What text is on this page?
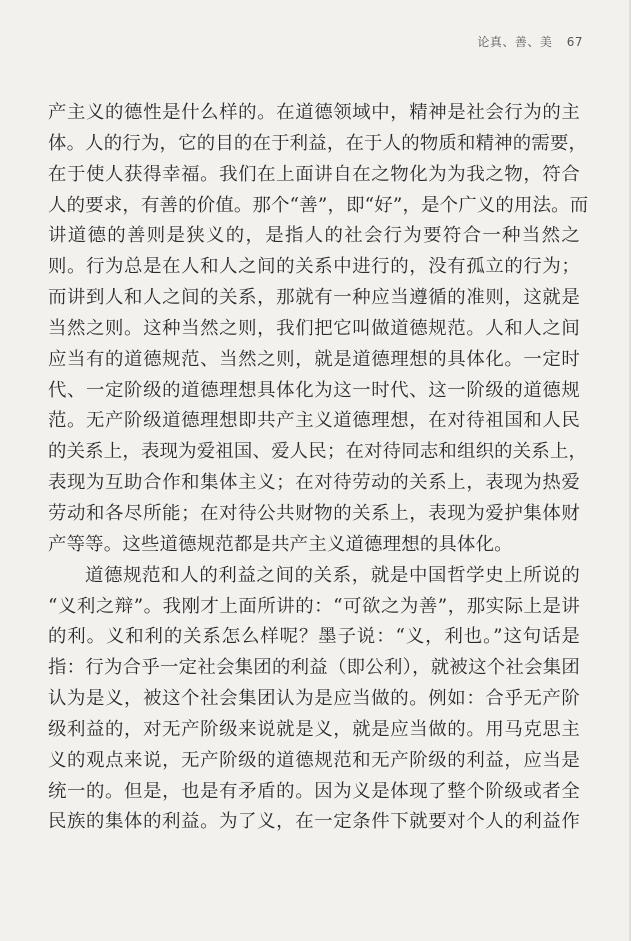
论真、善、美 67
产主义的德性是什么样的。在道德领域中，精神是社会行为的主
体。人的行为，它的目的在于利益，在于人的物质和精神的需要，
在于使人获得幸福。我们在上面讲自在之物化为为我之物，符合
人的要求，有善的价值。那个“善”，即“好”，是个广义的用法。而
讲道德的善则是狭义的，是指人的社会行为要符合一种当然之
则。行为总是在人和人之间的关系中进行的，没有孤立的行为；
而讲到人和人之间的关系，那就有一种应当遵循的准则，这就是
当然之则。这种当然之则，我们把它叫做道德规范。人和人之间
应当有的道德规范、当然之则，就是道德理想的具体化。一定时
代、一定阶级的道德理想具体化为这一时代、这一阶级的道德规
范。无产阶级道德理想即共产主义道德理想，在对待祖国和人民
的关系上，表现为爱祖国、爱人民；在对待同志和组织的关系上，
表现为互助合作和集体主义；在对待劳动的关系上，表现为热爱
劳动和各尽所能；在对待公共财物的关系上，表现为爱护集体财
产等等。这些道德规范都是共产主义道德理想的具体化。
道德规范和人的利益之间的关系，就是中国哲学史上所说的
“义利之辩”。我刚才上面所讲的：“可欲之为善”，那实际上是讲
的利。义和利的关系怎么样呢？墨子说：“义，利也。”这句话是
指：行为合乎一定社会集团的利益（即公利），就被这个社会集团
认为是义，被这个社会集团认为是应当做的。例如：合乎无产阶
级利益的，对无产阶级来说就是义，就是应当做的。用马克思主
义的观点来说，无产阶级的道德规范和无产阶级的利益，应当是
统一的。但是，也是有矛盾的。因为义是体现了整个阶级或者全
民族的集体的利益。为了义，在一定条件下就要对个人的利益作
